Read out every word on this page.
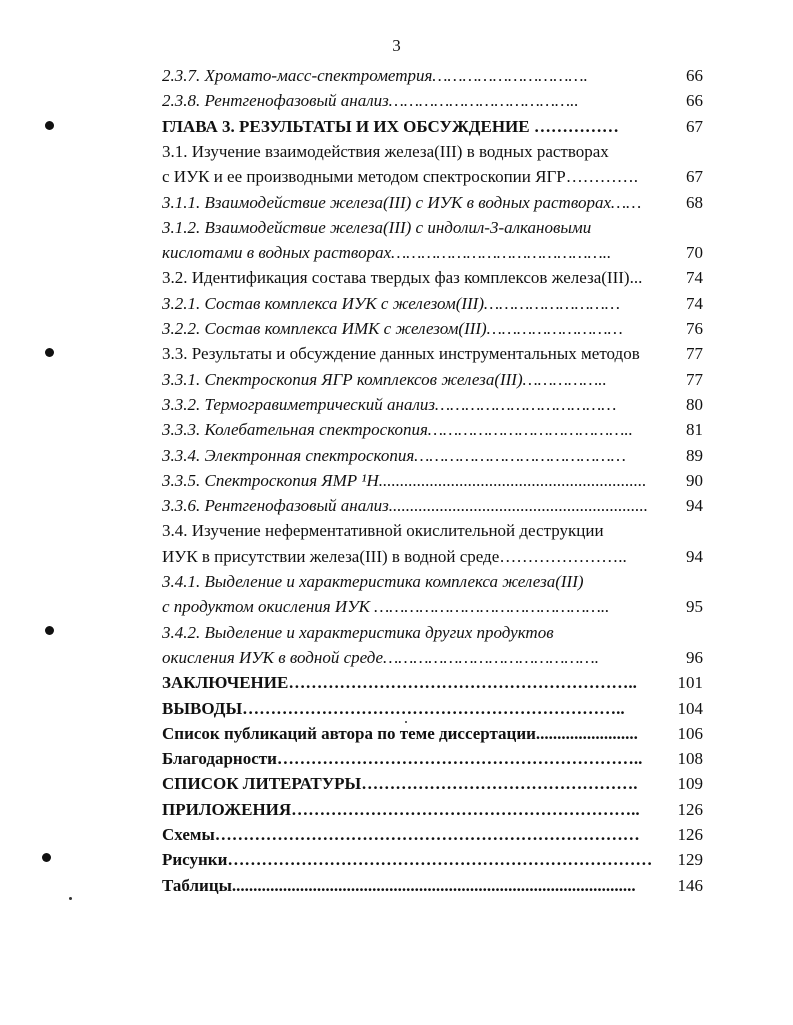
3
2.3.7. Хромато-масс-спектрометрия………………………….	66
2.3.8. Рентгенофазовый анализ………………………………..	66
ГЛАВА 3. РЕЗУЛЬТАТЫ И ИХ ОБСУЖДЕНИЕ ……………	67
3.1. Изучение взаимодействия железа(III) в водных растворах
с ИУК и ее производными методом спектроскопии ЯГР………….	67
3.1.1. Взаимодействие железа(III) с ИУК в водных растворах……	68
3.1.2. Взаимодействие железа(III) с индолил-3-алкановыми
кислотами в водных растворах……………………………………..	70
3.2. Идентификация состава твердых фаз комплексов железа(III)...	74
3.2.1. Состав комплекса ИУК с железом(III)………………………	74
3.2.2. Состав комплекса ИМК с железом(III)………………………	76
3.3. Результаты и обсуждение данных инструментальных методов	77
3.3.1. Спектроскопия ЯГР комплексов железа(III)……………..	77
3.3.2. Термогравиметрический анализ………………………………	80
3.3.3. Колебательная спектроскопия…………………………………..	81
3.3.4. Электронная спектроскопия……………………………………	89
3.3.5. Спектроскопия ЯМР ¹H...............................................................	90
3.3.6. Рентгенофазовый анализ.............................................................	94
3.4. Изучение неферментативной окислительной деструкции
ИУК в присутствии железа(III) в водной среде…………………..	94
3.4.1. Выделение и характеристика комплекса железа(III)
с продуктом окисления ИУК ………………………………………..	95
3.4.2. Выделение и характеристика других продуктов
окисления ИУК в водной среде…………………………………….	96
ЗАКЛЮЧЕНИЕ……………………………………………………..	101
ВЫВОДЫ…………………………………………………………..	104
Список публикаций автора по теме диссертации........................	106
Благодарности………………………………………………………..	108
СПИСОК ЛИТЕРАТУРЫ………………………………………….	109
ПРИЛОЖЕНИЯ……………………………………………………..	126
Схемы…………………………………………………………………	126
Рисунки…………………………………………………………………	129
Таблицы...............................................................................................	146
